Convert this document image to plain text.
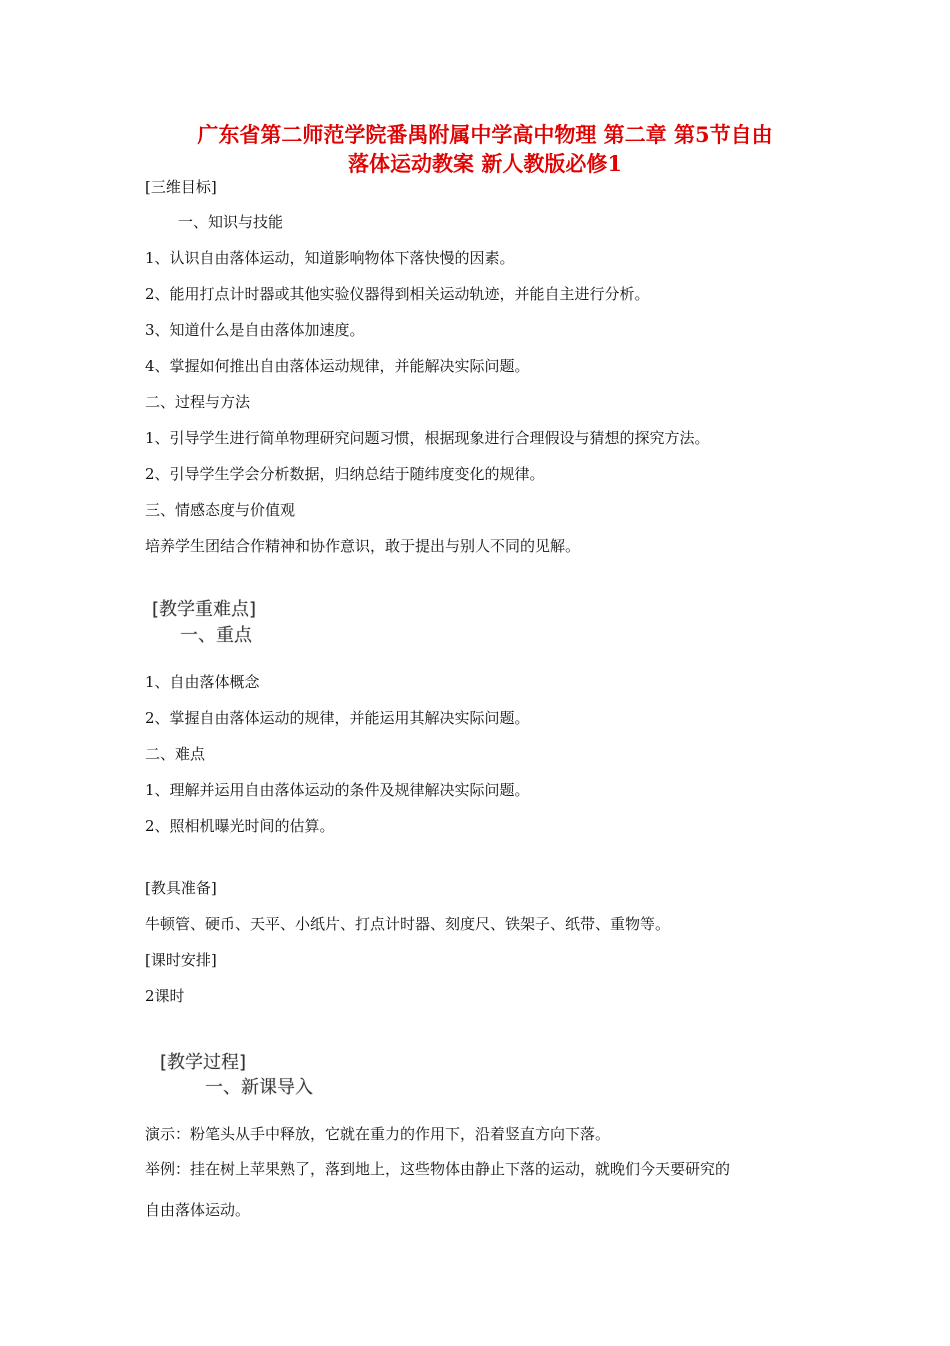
广东省第二师范学院番禺附属中学高中物理 第二章 第5节自由
落体运动教案 新人教版必修1
[三维目标]
一、知识与技能
1、认识自由落体运动，知道影响物体下落快慢的因素。
2、能用打点计时器或其他实验仪器得到相关运动轨迹，并能自主进行分析。
3、知道什么是自由落体加速度。
4、掌握如何推出自由落体运动规律，并能解决实际问题。
二、过程与方法
1、引导学生进行简单物理研究问题习惯，根据现象进行合理假设与猜想的探究方法。
2、引导学生学会分析数据，归纳总结于随纬度变化的规律。
三、情感态度与价值观
培养学生团结合作精神和协作意识，敢于提出与别人不同的见解。
[教学重难点]
一、重点
1、自由落体概念
2、掌握自由落体运动的规律，并能运用其解决实际问题。
二、难点
1、理解并运用自由落体运动的条件及规律解决实际问题。
2、照相机曝光时间的估算。
[教具准备]
牛顿管、硬币、天平、小纸片、打点计时器、刻度尺、铁架子、纸带、重物等。
[课时安排]
2课时
[教学过程]
一、新课导入
演示：粉笔头从手中释放，它就在重力的作用下，沿着竖直方向下落。
举例：挂在树上苹果熟了，落到地上，这些物体由静止下落的运动，就晚们今天要研究的
自由落体运动。
